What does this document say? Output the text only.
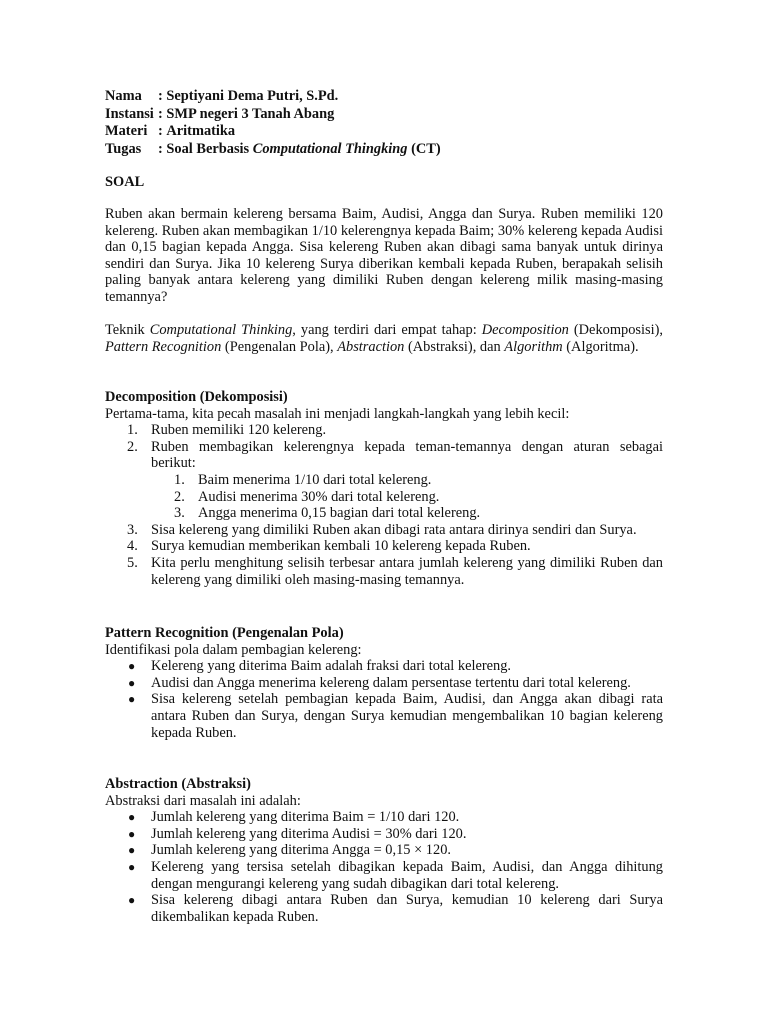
Nama	: Septiyani Dema Putri, S.Pd.
Instansi : SMP negeri 3 Tanah Abang
Materi : Aritmatika
Tugas	: Soal Berbasis Computational Thingking (CT)
SOAL

Ruben akan bermain kelereng bersama Baim, Audisi, Angga dan Surya. Ruben memiliki 120 kelereng. Ruben akan membagikan 1/10 kelerengnya kepada Baim; 30% kelereng kepada Audisi dan 0,15 bagian kepada Angga. Sisa kelereng Ruben akan dibagi sama banyak untuk dirinya sendiri dan Surya. Jika 10 kelereng Surya diberikan kembali kepada Ruben, berapakah selisih paling banyak antara kelereng yang dimiliki Ruben dengan kelereng milik masing-masing temannya?

Teknik Computational Thinking, yang terdiri dari empat tahap: Decomposition (Dekomposisi), Pattern Recognition (Pengenalan Pola), Abstraction (Abstraksi), dan Algorithm (Algoritma).

Decomposition (Dekomposisi)
Pertama-tama, kita pecah masalah ini menjadi langkah-langkah yang lebih kecil:
1. Ruben memiliki 120 kelereng.
2. Ruben membagikan kelerengnya kepada teman-temannya dengan aturan sebagai berikut:
1. Baim menerima 1/10 dari total kelereng.
2. Audisi menerima 30% dari total kelereng.
3. Angga menerima 0,15 bagian dari total kelereng.
3. Sisa kelereng yang dimiliki Ruben akan dibagi rata antara dirinya sendiri dan Surya.
4. Surya kemudian memberikan kembali 10 kelereng kepada Ruben.
5. Kita perlu menghitung selisih terbesar antara jumlah kelereng yang dimiliki Ruben dan kelereng yang dimiliki oleh masing-masing temannya.
Pattern Recognition (Pengenalan Pola)
Identifikasi pola dalam pembagian kelereng:
● Kelereng yang diterima Baim adalah fraksi dari total kelereng.
● Audisi dan Angga menerima kelereng dalam persentase tertentu dari total kelereng.
● Sisa kelereng setelah pembagian kepada Baim, Audisi, dan Angga akan dibagi rata antara Ruben dan Surya, dengan Surya kemudian mengembalikan 10 bagian kelereng kepada Ruben.
Abstraction (Abstraksi)
Abstraksi dari masalah ini adalah:
● Jumlah kelereng yang diterima Baim = 1/10 dari 120.
● Jumlah kelereng yang diterima Audisi = 30% dari 120.
● Jumlah kelereng yang diterima Angga = 0,15 × 120.
● Kelereng yang tersisa setelah dibagikan kepada Baim, Audisi, dan Angga dihitung dengan mengurangi kelereng yang sudah dibagikan dari total kelereng.
● Sisa kelereng dibagi antara Ruben dan Surya, kemudian 10 kelereng dari Surya dikembalikan kepada Ruben.
